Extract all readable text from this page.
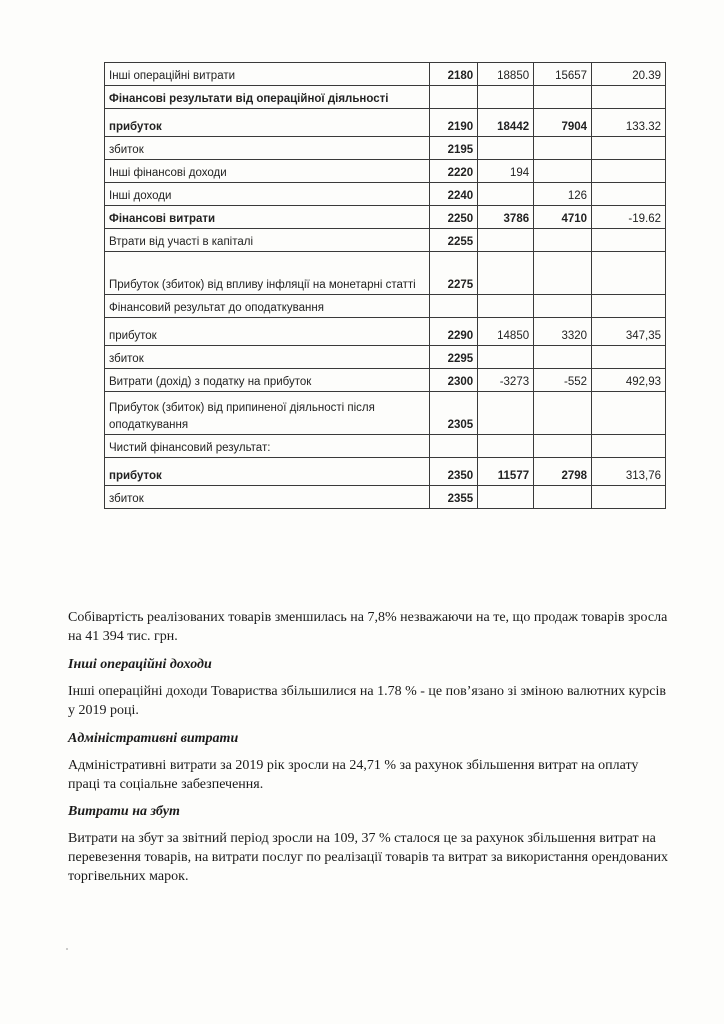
Інші операційні витрати	2180	18850	15657	20.39
Фінансові результати від операційної діяльності				
прибуток	2190	18442	7904	133.32
збиток	2195			
Інші фінансові доходи	2220	194		
Інші доходи	2240		126	
Фінансові витрати	2250	3786	4710	-19.62
Втрати від участі в капіталі	2255			
Прибуток (збиток) від впливу інфляції на монетарні статті	2275			
Фінансовий результат до оподаткування				
прибуток	2290	14850	3320	347,35
збиток	2295			
Витрати (дохід) з податку на прибуток	2300	-3273	-552	492,93
Прибуток (збиток) від припиненої діяльності після оподаткування	2305			
Чистий фінансовий результат:				
прибуток	2350	11577	2798	313,76
збиток	2355			
Собівартість реалізованих товарів зменшилась на 7,8% незважаючи на те, що продаж товарів зросла на 41 394 тис. грн.
Інші операційні доходи
Інші операційні доходи Товариства збільшилися на 1.78 % - це пов’язано зі зміною валютних курсів у 2019 році.
Адміністративні витрати
Адміністративні витрати за 2019 рік зросли на 24,71 % за рахунок збільшення витрат на оплату праці та соціальне забезпечення.
Витрати на збут
Витрати на збут за звітний період зросли на 109, 37 % сталося це за рахунок збільшення витрат на перевезення товарів, на витрати послуг по реалізації товарів та витрат за використання орендованих торгівельних марок.
